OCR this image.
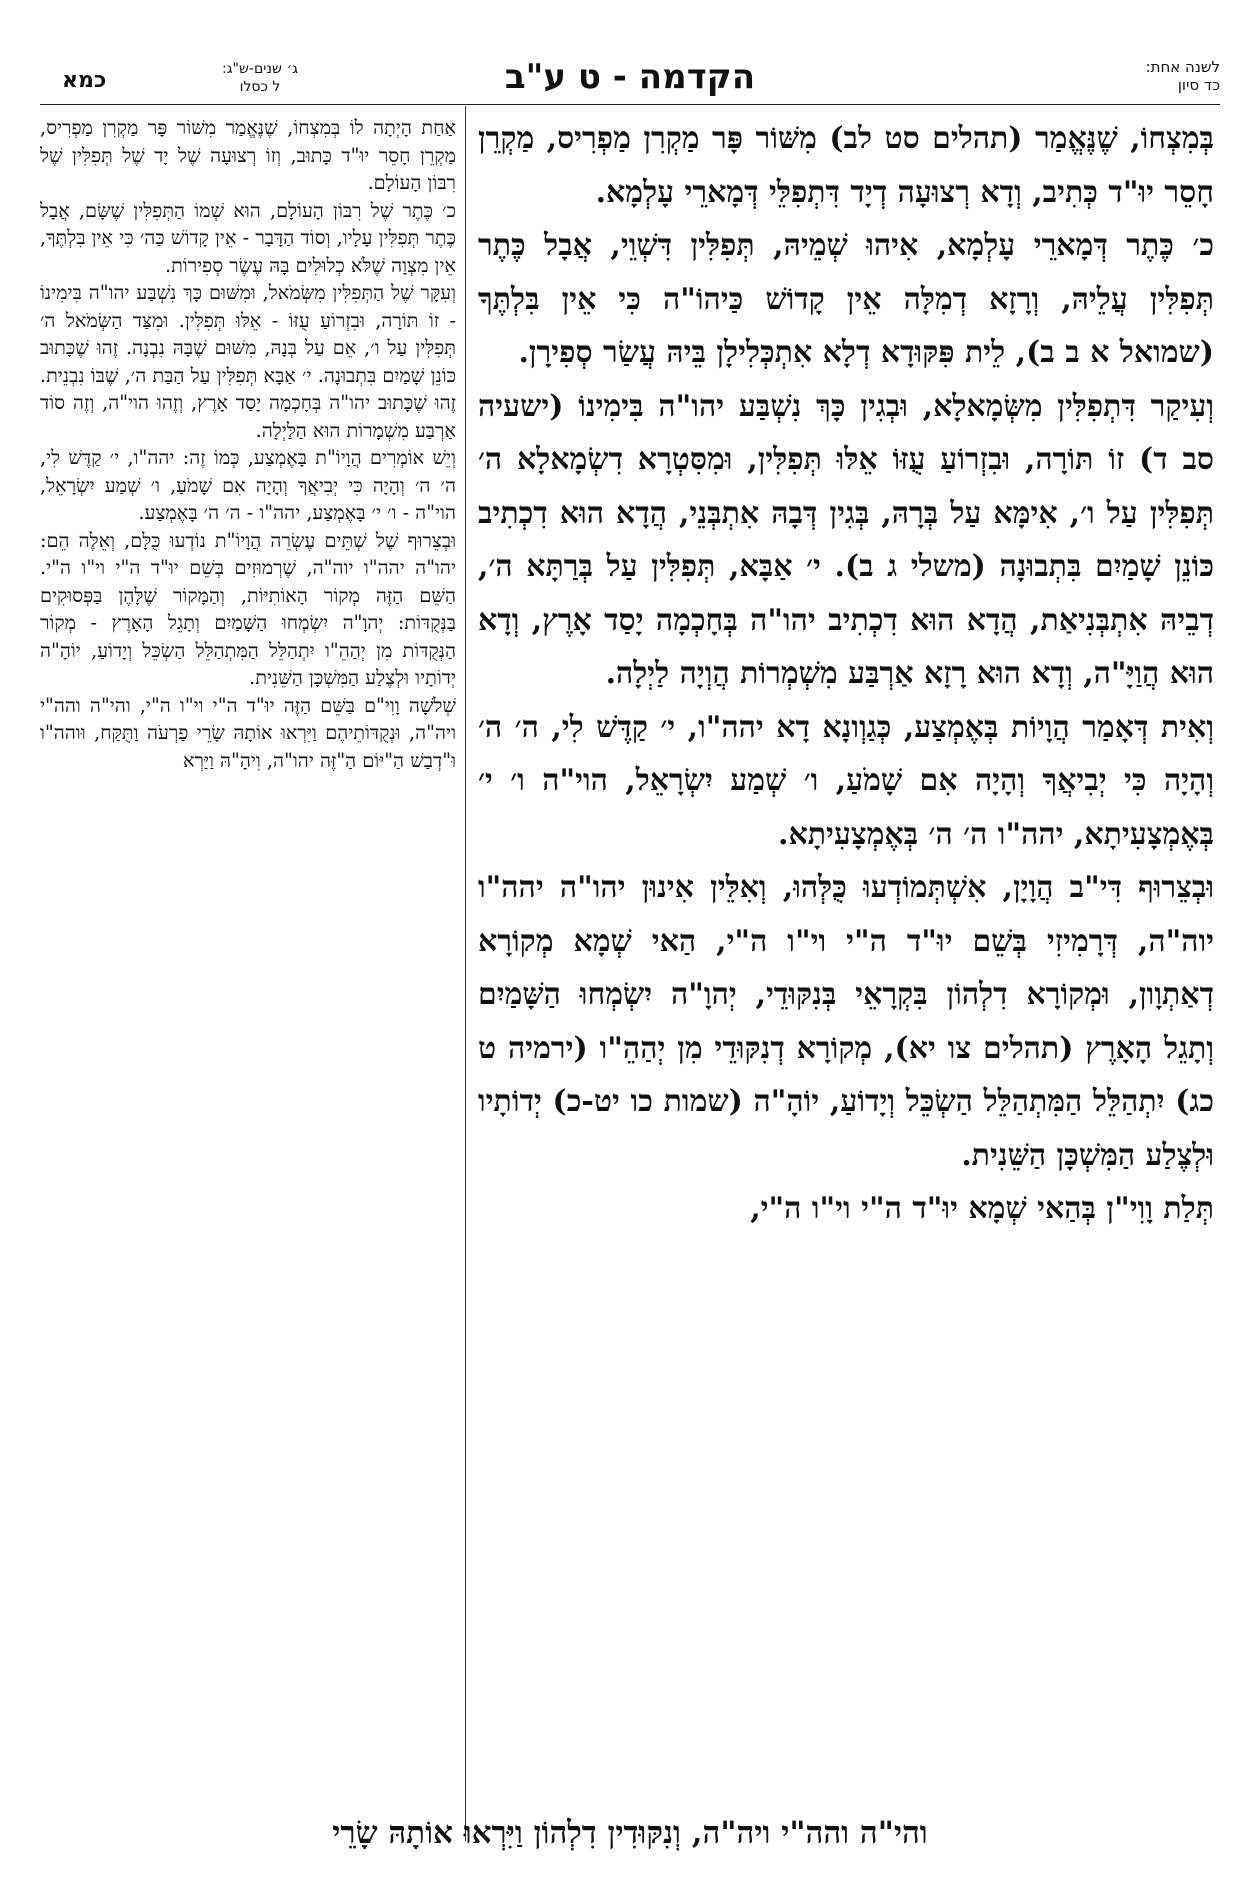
לשנה אחת:
כד סיון
הקדמה - ט ע"ב
ג׳ שנים-ש"ג:
ל כסלו
כמא

בְּמִצְחוֹ, שֶׁנֶּאֱמַר (תהלים סט לב) מִשּׁוֹר פָּר מַקְרִן מַפְרִיס, מַקְרֵן חָסֵר יוּ"ד כְּתִיב, וְדָא רְצוּעָה דְיָד דִּתְפִלֵּי דְּמָארֵי עָלְמָא.

כ׳ כֶּתֶר דְּמָארֵי עָלְמָא, אִיהוּ שְׁמֵיהּ, תְּפִלִּין דִּשְׁוֵי, אֲבָל כֶּתֶר תְּפִלִּין עֲלֵיהּ, וְרָזָא דְמִלָּה אֵין קָדוֹשׁ כַּיהוֹ"ה כִּי אֵין בִּלְתֶּךָ (שמואל א ב ב), לֵית פִּקּוּדָא דְלָא אִתְכְּלִילָן בֵּיהּ עֲשַׂר סְפִירָן.

וְעִיקַר דִּתְפִלִּין מִשְּׂמָאלָא, וּבְגִין כָּךְ נִשְׁבַּע יהו"ה בִּימִינוֹ (ישעיה סב ד) זוֹ תּוֹרָה, וּבִזְרוֹעַ עֻזּוֹ אֵלּוּ תְּפִלִּין, וּמִסִּטְרָא דִשְׂמָאלָא ה׳ תְּפִלִּין עַל ו׳, אִימָּא עַל בְּרָהּ, בְּגִין דְּבָהּ אִתְבְּנֵי, הֲדָא הוּא דִכְתִיב כּוֹנֵן שָׁמַיִם בִּתְבוּנָה (משלי ג ב). י׳ אַבָּא, תְּפִלִּין עַל בְּרַתָּא ה׳, דְבֵיהּ אִתְבְּנִיאַת, הֲדָא הוּא דִכְתִיב יהו"ה בְּחָכְמָה יָסַד אָרֶץ, וְדָא הוּא הֲוַיָּ"ה, וְדָא הוּא רָזָא אַרְבַּע מִשְׁמְרוֹת הֲוְיָה לַיְלָה.

וְאִית דְּאָמַר הֲוָיוֹת בְּאֶמְצַע, כְּגַוְונָא דָא יהה"ו, י׳ קַדֶּשׁ לִי, ה׳ ה׳ וְהָיָה כִּי יְבִיאֲךָ וְהָיָה אִם שָׁמֹעַ, ו׳ שְׁמַע יִשְׂרָאֵל, הוי"ה ו׳ י׳ בְּאֶמְצָעִיתָא, יהה"ו ה׳ ה׳ בְּאֶמְצָעִיתָא.

וּבְצֵרוּף דִּי"ב הֲוָיָן, אִשְׁתְּמוֹדְעוּ כֻּלְּהוּ, וְאִלֵּין אִינוּן יהו"ה יהה"ו יוה"ה, דְּרָמִיזִי בְּשֵׁם יוּ"ד ה"י וי"ו ה"י, הַאי שְׁמָא מְקוֹרָא דְאַתְוָון, וּמְקוֹרָא דִלְהוֹן בִּקְרָאֵי בְּנִקּוּדֵי, יְהוָ"ה יִשְׂמְחוּ הַשָּׁמַיִם וְתָגֵל הָאָרֶץ (תהלים צו יא), מְקוֹרָא דְנִקּוּדֵי מִן יְהַהֵ"ו (ירמיה ט כג) יִתְהַלֵּל הַמִּתְהַלֵּל הַשְׂכֵּל וְיָדוֹעַ, יוֹהָ"ה (שמות כו יט-כ) יְדוֹתָיו וּלְצֶלַע הַמִּשְׁכָּן הַשֵּׁנִית.

תְּלַת וָוִי"ן בְּהַאי שְׁמָא יוּ"ד ה"י וי"ו ה"י,

אַחַת הָיְתָה לוֹ בְּמִצְחוֹ, שֶׁנֶּאֱמַר מִשּׁוֹר פָּר מַקְרִן מַפְרִיס, מַקְרֵן חָסֵר יוּ"ד כָּתוּב, וְזוֹ רְצוּעָה שֶׁל יָד שֶׁל תְּפִלִּין שֶׁל רִבּוֹן הָעוֹלָם.

כ׳ כֶּתֶר שֶׁל רִבּוֹן הָעוֹלָם, הוּא שְׁמוֹ הַתְּפִלִּין שֶׁשָּׂם, אֲבָל כֶּתֶר תְּפִלִּין עָלָיו, וְסוֹד הַדָּבָר - אֵין קָדוֹשׁ כַּה׳ כִּי אֵין בִּלְתֶּךָ, אֵין מִצְוָה שֶׁלֹּא כְלוּלִים בָּהּ עֶשֶׂר סְפִירוֹת.

וְעִקָּר שֶׁל הַתְּפִלִּין מִשְּׂמֹאל, וּמִשּׁוּם כָּךְ נִשְׁבַּע יהו"ה בִּימִינוֹ - זוֹ תּוֹרָה, וּבִזְרוֹעַ עֻזּוֹ - אֵלּוּ תְּפִלִּין. וּמִצַּד הַשְּׂמֹאל ה׳ תְּפִלִּין עַל ו׳, אֵם עַל בְּנָהּ, מִשּׁוּם שֶׁבָּהּ נִבְנָה. זֶהוּ שֶׁכָּתוּב כּוֹנֵן שָׁמַיִם בִּתְבוּנָה. י׳ אַבָּא תְּפִלִּין עַל הַבַּת ה׳, שֶׁבּוֹ נִבְנֵית. זֶהוּ שֶׁכָּתוּב יהו"ה בְּחָכְמָה יָסַד אָרֶץ, וְזֶהוּ הוי"ה, וְזֶה סוֹד אַרְבַּע מִשְׁמָרוֹת הוּא הַלַּיְלָה.

וְיֵשׁ אוֹמְרִים הֲוָיוֹ"ת בָּאֶמְצַע, כְּמוֹ זֶה: יהה"ו, י׳ קַדֶּשׁ לִי, ה׳ ה׳ וְהָיָה כִּי יְבִיאֲךָ וְהָיָה אִם שָׁמֹעַ, ו׳ שְׁמַע יִשְׂרָאֵל, הוי"ה - ו׳ י׳ בָּאֶמְצַע, יהה"ו - ה׳ ה׳ בָּאֶמְצַע.

וּבְצֵרוּף שֶׁל שְׁתֵּים עֶשְׂרֵה הֲוָיוֹ"ת נוֹדְעוּ כֻּלָּם, וְאֵלֶּה הֵם: יהו"ה יהה"ו יוה"ה, שֶׁרְמוּזִים בְּשֵׁם יוּ"ד ה"י וי"ו ה"י. הַשֵּׁם הַזֶּה מְקוֹר הָאוֹתִיּוֹת, וְהַמָּקוֹר שֶׁלָּהֶן בַּפְּסוּקִים בַּנְּקֻדּוֹת: יְהוָ"ה יִשְׂמְחוּ הַשָּׁמַיִם וְתָגֵל הָאָרֶץ - מְקוֹר הַנְּקֻדּוֹת מִן יְהַהֵ"ו יִתְהַלֵּל הַמִּתְהַלֵּל הַשְׂכֵּל וְיָדוֹעַ, יוֹהָ"ה יְדוֹתָיו וּלְצֶלַע הַמִּשְׁכָּן הַשֵּׁנִית.

שְׁלֹשָׁה וָוִי"ם בַּשֵּׁם הַזֶּה יוּ"ד ה"י וי"ו ה"י, והי"ה והה"י ויה"ה, וּנְקֻדּוֹתֵיהֶם וַיִּרְאוּ אוֹתָהּ שָׂרֵי פַרְעֹה וַתֻּקַּח, וּוהה"ו וּ"דְבַשׁ הַ"יּוֹם הַ"זֶּה יהו"ה, וִיהָ"הּ וַיַּרְא

והי"ה והה"י ויה"ה, וְנִקּוּדִין דִלְהוֹן וַיִּרְאוּ אוֹתָהּ שָׂרֵי
